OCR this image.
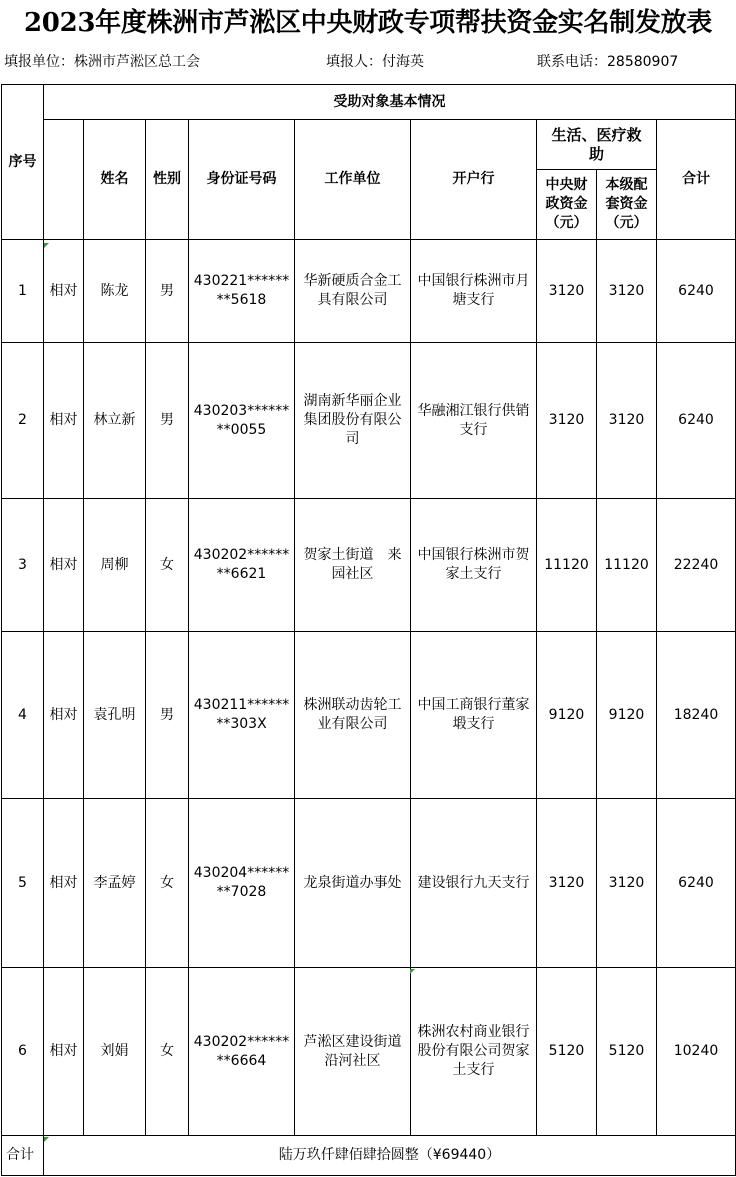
2023年度株洲市芦淞区中央财政专项帮扶资金实名制发放表
填报单位：株洲市芦淞区总工会	填报人：付海英	联系电话：28580907
序号	受助对象基本情况								
		姓名	性别	身份证号码	工作单位	开户行	生活、医疗救助		合计
							中央财政资金（元）	本级配套资金（元）	
1	相对	陈龙	男	430221********5618	华新硬质合金工具有限公司	中国银行株洲市月塘支行	3120	3120	6240
2	相对	林立新	男	430203********0055	湖南新华丽企业集团股份有限公司	华融湘江银行供销支行	3120	3120	6240
3	相对	周柳	女	430202********6621	贺家土街道　来园社区	中国银行株洲市贺家土支行	11120	11120	22240
4	相对	袁孔明	男	430211********303X	株洲联动齿轮工业有限公司	中国工商银行董家塅支行	9120	9120	18240
5	相对	李孟婷	女	430204********7028	龙泉街道办事处	建设银行九天支行	3120	3120	6240
6	相对	刘娟	女	430202********6664	芦淞区建设街道沿河社区	株洲农村商业银行股份有限公司贺家土支行	5120	5120	10240
合计	陆万玖仟肆佰肆拾圆整（¥69440）								
